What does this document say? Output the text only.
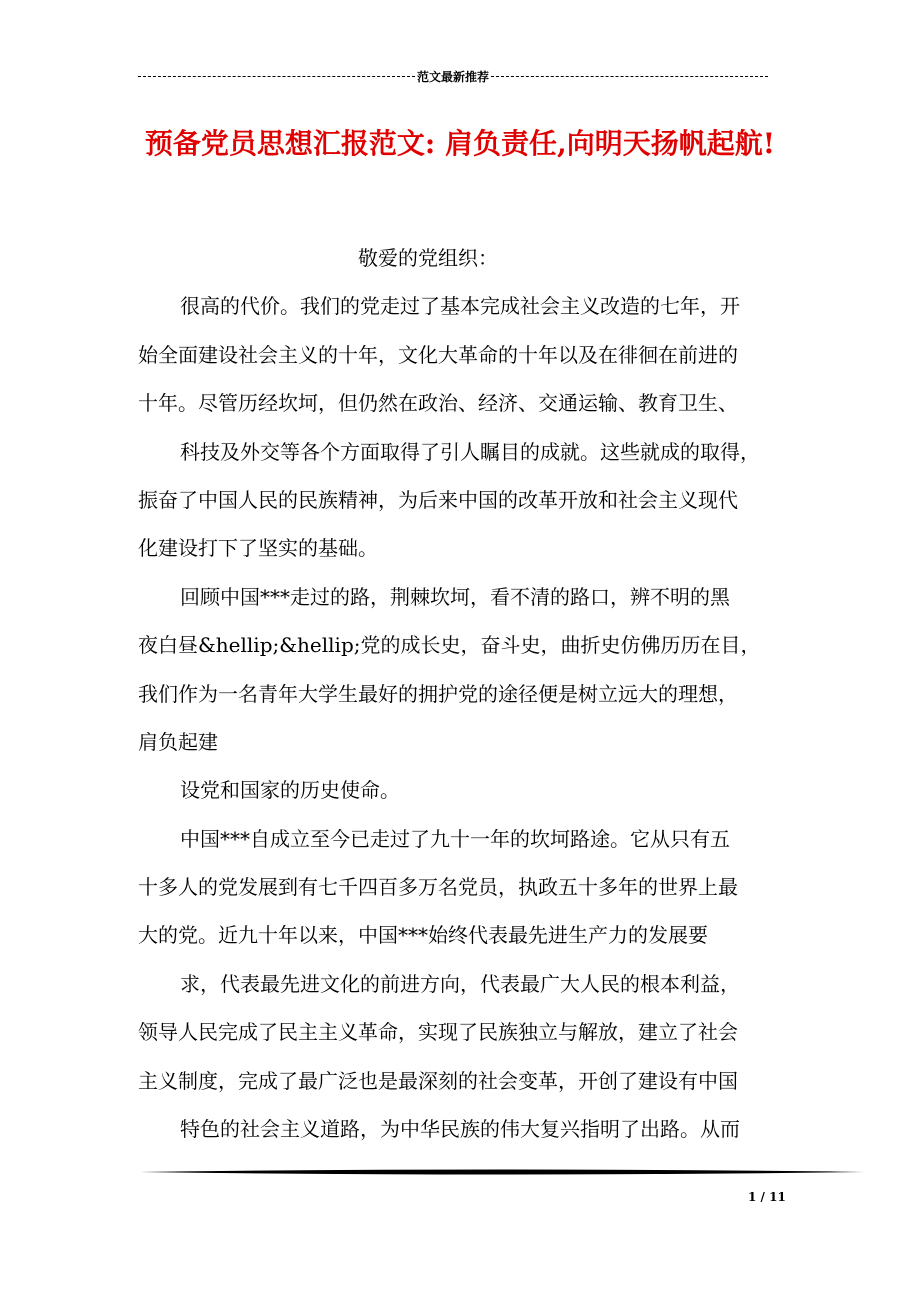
范文最新推荐
预备党员思想汇报范文: 肩负责任,向明天扬帆起航!
敬爱的党组织：
很高的代价。我们的党走过了基本完成社会主义改造的七年，开
始全面建设社会主义的十年，文化大革命的十年以及在徘徊在前进的
十年。尽管历经坎坷，但仍然在政治、经济、交通运输、教育卫生、
科技及外交等各个方面取得了引人瞩目的成就。这些就成的取得，
振奋了中国人民的民族精神，为后来中国的改革开放和社会主义现代
化建设打下了坚实的基础。
回顾中国***走过的路，荆棘坎坷，看不清的路口，辨不明的黑
夜白昼&hellip;&hellip;党的成长史，奋斗史，曲折史仿佛历历在目，
我们作为一名青年大学生最好的拥护党的途径便是树立远大的理想，
肩负起建
设党和国家的历史使命。
中国***自成立至今已走过了九十一年的坎坷路途。它从只有五
十多人的党发展到有七千四百多万名党员，执政五十多年的世界上最
大的党。近九十年以来，中国***始终代表最先进生产力的发展要
求，代表最先进文化的前进方向，代表最广大人民的根本利益，
领导人民完成了民主主义革命，实现了民族独立与解放，建立了社会
主义制度，完成了最广泛也是最深刻的社会变革，开创了建设有中国
特色的社会主义道路，为中华民族的伟大复兴指明了出路。从而
1 / 11
